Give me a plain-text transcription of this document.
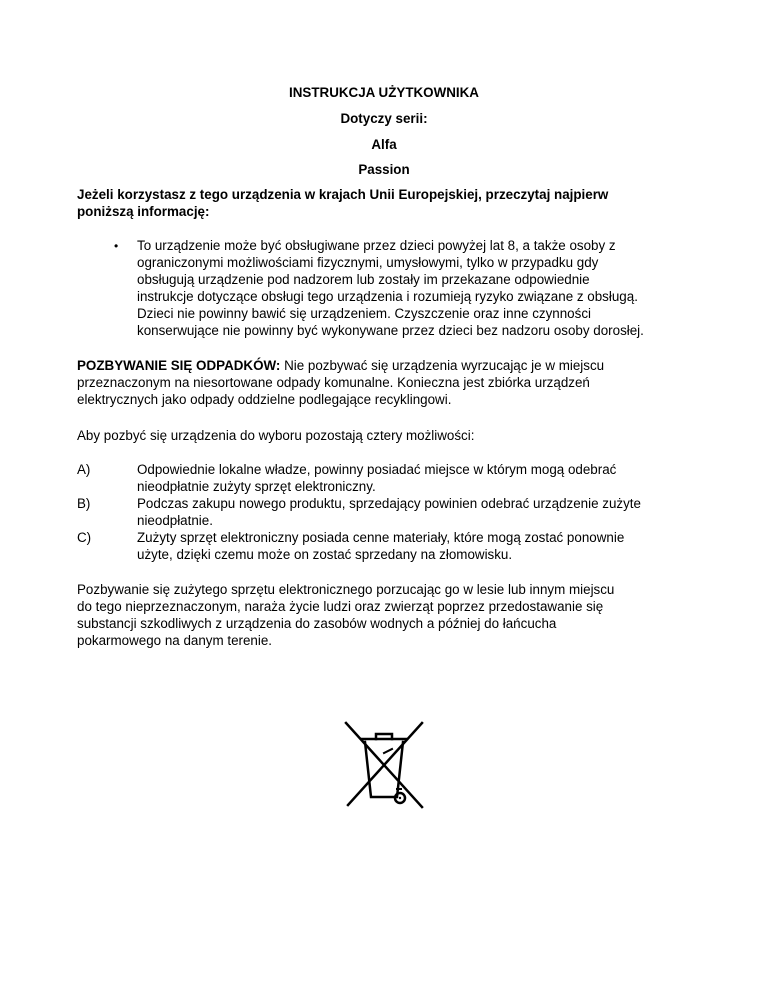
INSTRUKCJA UŻYTKOWNIKA
Dotyczy serii:
Alfa
Passion
Jeżeli korzystasz z tego urządzenia w krajach Unii Europejskiej, przeczytaj najpierw
poniższą informację:
• To urządzenie może być obsługiwane przez dzieci powyżej lat 8, a także osoby z
ograniczonymi możliwościami fizycznymi, umysłowymi, tylko w przypadku gdy
obsługują urządzenie pod nadzorem lub zostały im przekazane odpowiednie
instrukcje dotyczące obsługi tego urządzenia i rozumieją ryzyko związane z obsługą.
Dzieci nie powinny bawić się urządzeniem. Czyszczenie oraz inne czynności
konserwujące nie powinny być wykonywane przez dzieci bez nadzoru osoby dorosłej.
POZBYWANIE SIĘ ODPADKÓW: Nie pozbywać się urządzenia wyrzucając je w miejscu
przeznaczonym na niesortowane odpady komunalne. Konieczna jest zbiórka urządzeń
elektrycznych jako odpady oddzielne podlegające recyklingowi.
Aby pozbyć się urządzenia do wyboru pozostają cztery możliwości:
A)	Odpowiednie lokalne władze, powinny posiadać miejsce w którym mogą odebrać
nieodpłatnie zużyty sprzęt elektroniczny.
B)	Podczas zakupu nowego produktu, sprzedający powinien odebrać urządzenie zużyte
nieodpłatnie.
C)	Zużyty sprzęt elektroniczny posiada cenne materiały, które mogą zostać ponownie
użyte, dzięki czemu może on zostać sprzedany na złomowisku.
Pozbywanie się zużytego sprzętu elektronicznego porzucając go w lesie lub innym miejscu
do tego nieprzeznaczonym, naraża życie ludzi oraz zwierząt poprzez przedostawanie się
substancji szkodliwych z urządzenia do zasobów wodnych a później do łańcucha
pokarmowego na danym terenie.
